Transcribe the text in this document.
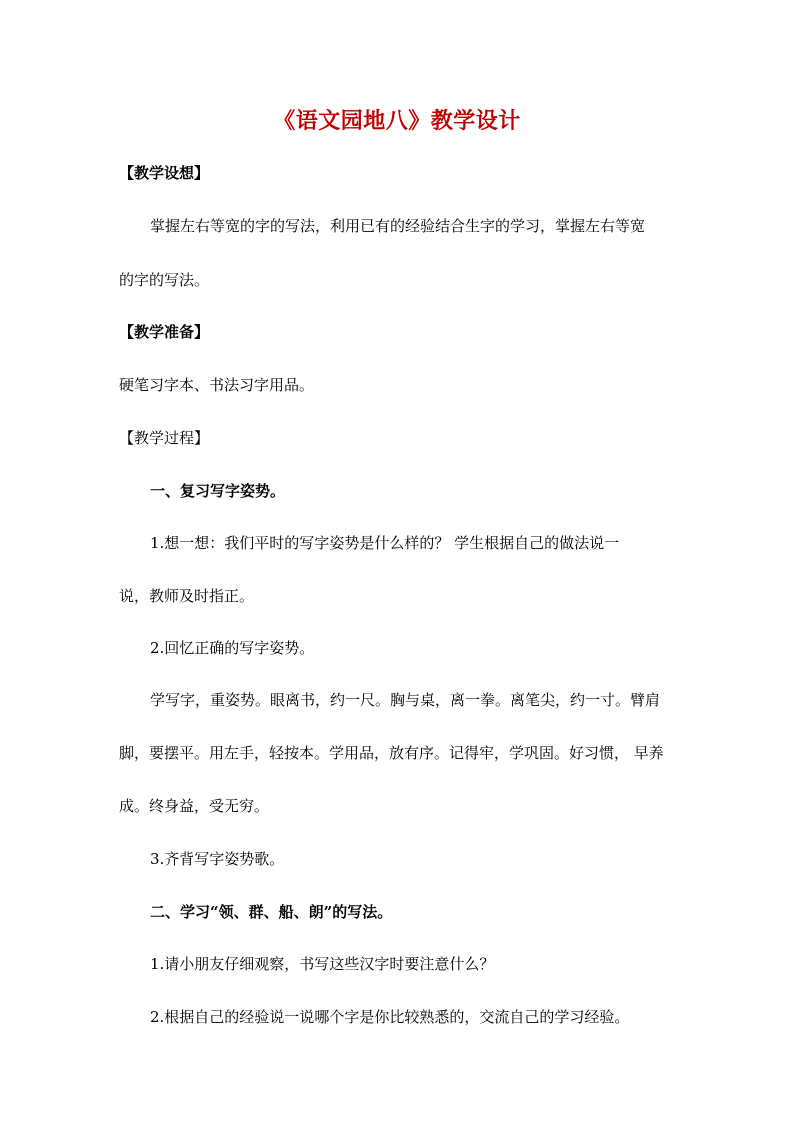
《语文园地八》教学设计
【教学设想】
掌握左右等宽的字的写法，利用已有的经验结合生字的学习，掌握左右等宽
的字的写法。
【教学准备】
硬笔习字本、书法习字用品。
【教学过程】
一、复习写字姿势。
1.想一想：我们平时的写字姿势是什么样的？ 学生根据自己的做法说一
说，教师及时指正。
2.回忆正确的写字姿势。
学写字，重姿势。眼离书，约一尺。胸与桌，离一拳。离笔尖，约一寸。臂肩
脚，要摆平。用左手，轻按本。学用品，放有序。记得牢，学巩固。好习惯， 早养
成。终身益，受无穷。
3.齐背写字姿势歌。
二、学习“领、群、船、朗”的写法。
1.请小朋友仔细观察，书写这些汉字时要注意什么？
2.根据自己的经验说一说哪个字是你比较熟悉的，交流自己的学习经验。
